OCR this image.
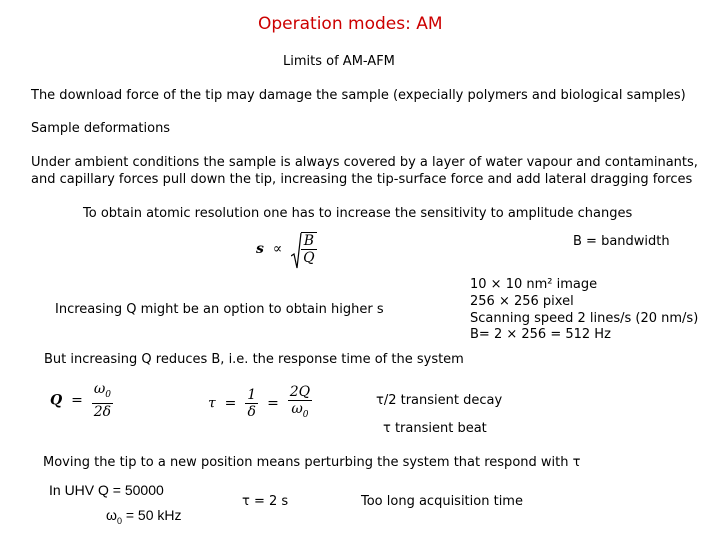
Operation modes: AM
Limits of AM-AFM
The download force of the tip may damage the sample (expecially polymers and biological samples)
Sample deformations
Under ambient conditions the sample is always covered by a layer of water vapour and contaminants,
and capillary forces pull down the tip, increasing the tip-surface force and add lateral dragging forces
To obtain atomic resolution one has to increase the sensitivity to amplitude changes
B = bandwidth
$s \propto \frac{B}{Q}$
Increasing Q might be an option to obtain higher s
10 × 10 nm² image
256 × 256 pixel
Scanning speed 2 lines/s (20 nm/s)
B= 2 × 256 = 512 Hz
But increasing Q reduces B, i.e. the response time of the system
$Q = \frac{\omega_0}{2\delta}$	$\tau = \frac{1}{\delta} = \frac{2Q}{\omega_0}$	τ/2 transient decay
τ transient beat
Moving the tip to a new position means perturbing the system that respond with τ
In UHV Q = 50000
$\omega_0 = 50$ kHz
τ = 2 s	Too long acquisition time
